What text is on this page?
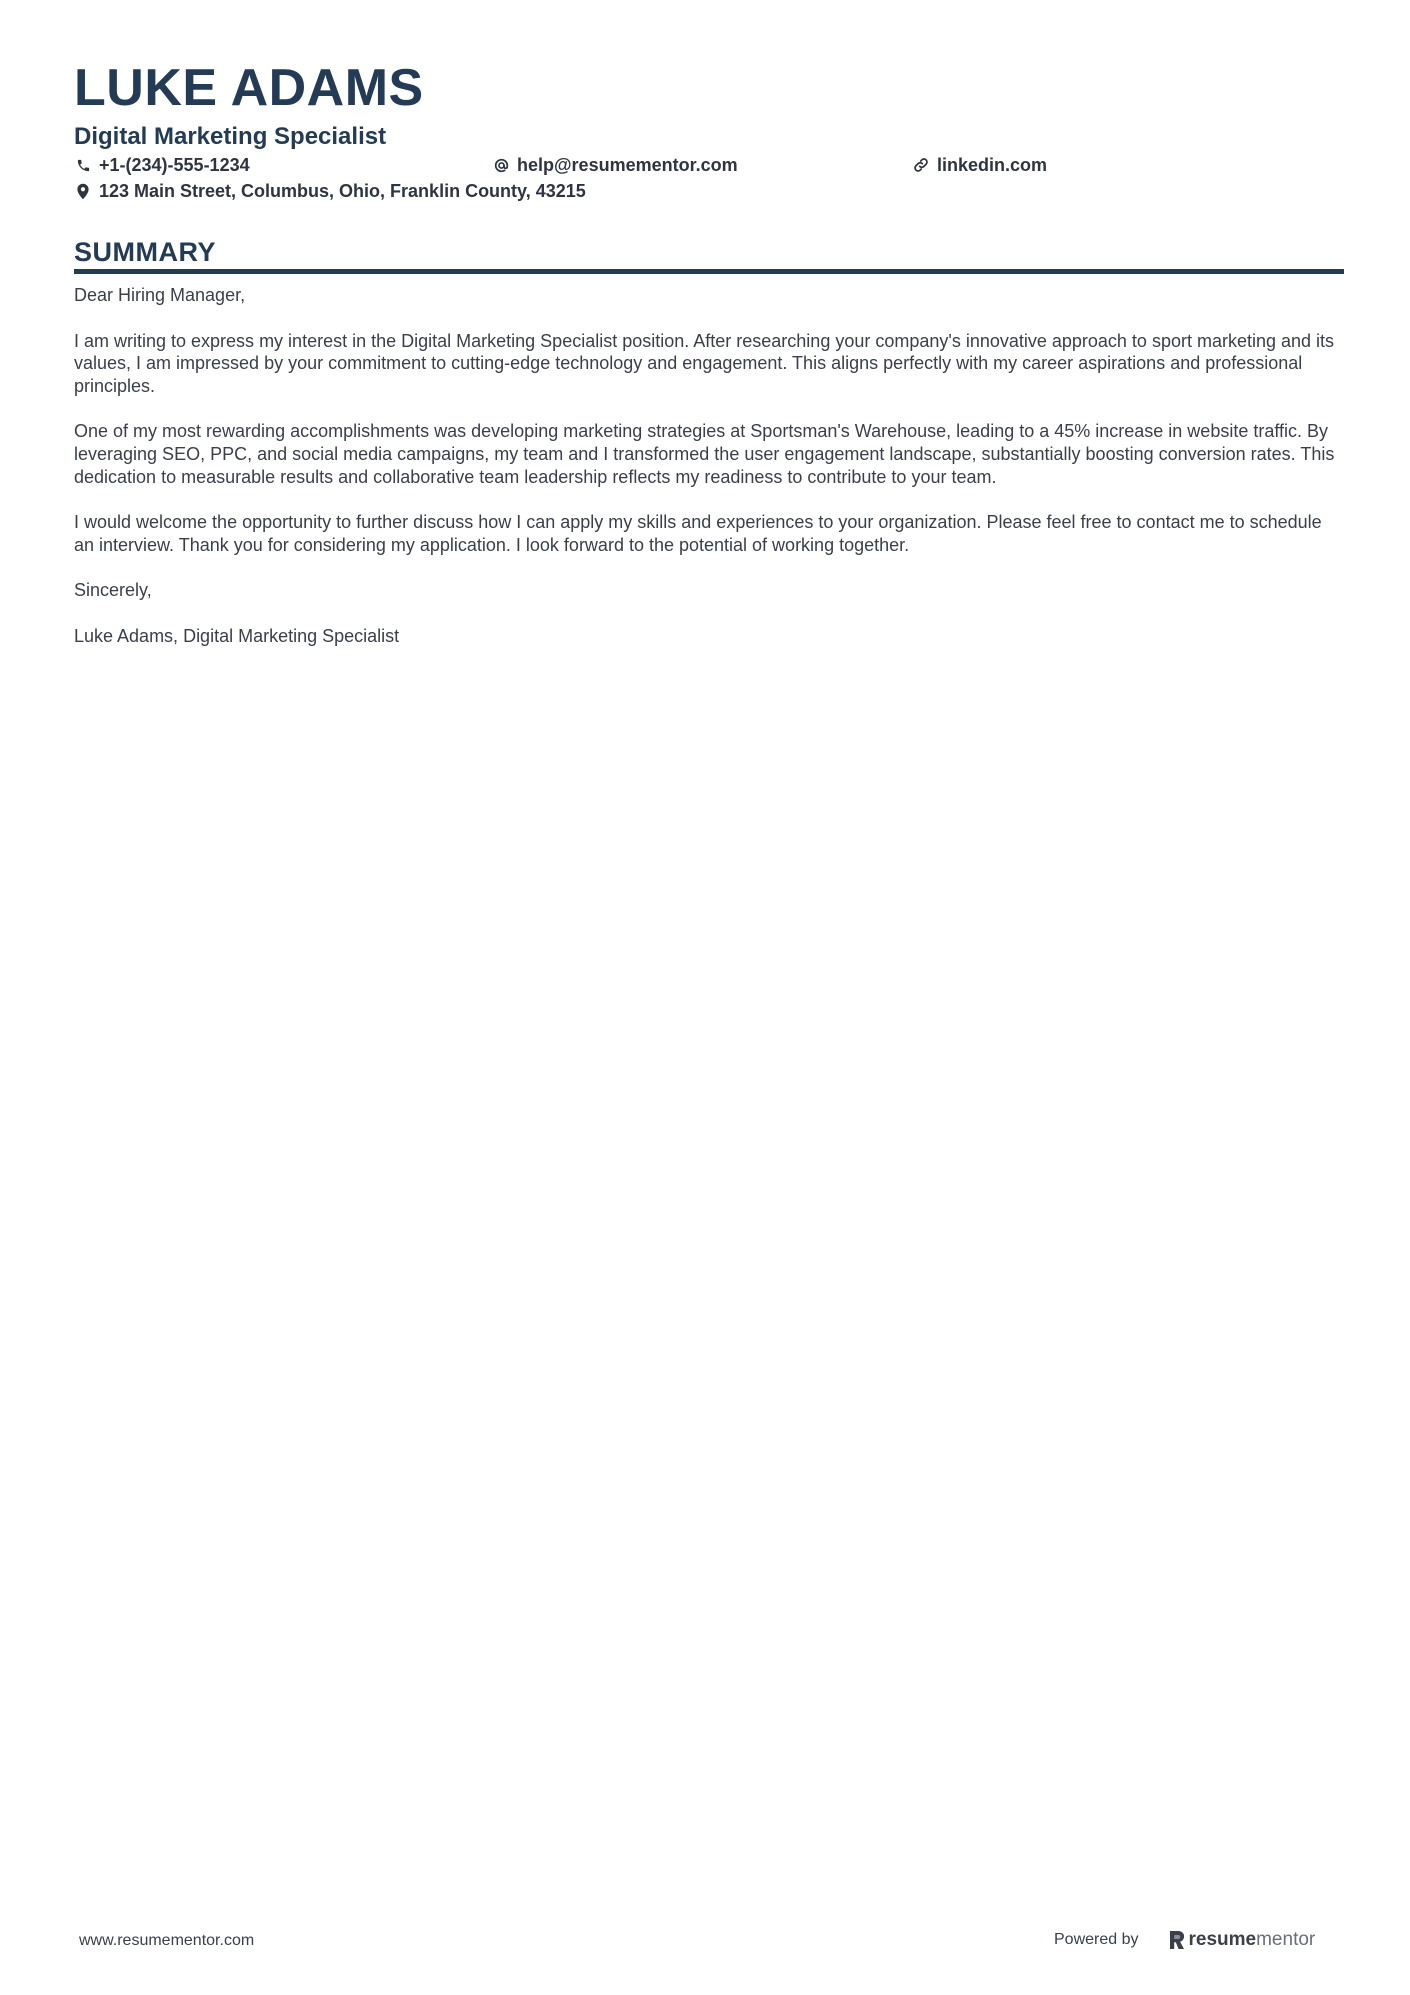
LUKE ADAMS
Digital Marketing Specialist
+1-(234)-555-1234	help@resumementor.com	linkedin.com
123 Main Street, Columbus, Ohio, Franklin County, 43215
SUMMARY

Dear Hiring Manager,

I am writing to express my interest in the Digital Marketing Specialist position. After researching your company's innovative approach to sport marketing and its values, I am impressed by your commitment to cutting-edge technology and engagement. This aligns perfectly with my career aspirations and professional principles.

One of my most rewarding accomplishments was developing marketing strategies at Sportsman's Warehouse, leading to a 45% increase in website traffic. By leveraging SEO, PPC, and social media campaigns, my team and I transformed the user engagement landscape, substantially boosting conversion rates. This dedication to measurable results and collaborative team leadership reflects my readiness to contribute to your team.

I would welcome the opportunity to further discuss how I can apply my skills and experiences to your organization. Please feel free to contact me to schedule an interview. Thank you for considering my application. I look forward to the potential of working together.

Sincerely,

Luke Adams, Digital Marketing Specialist

www.resumementor.com	Powered by	resume mentor
